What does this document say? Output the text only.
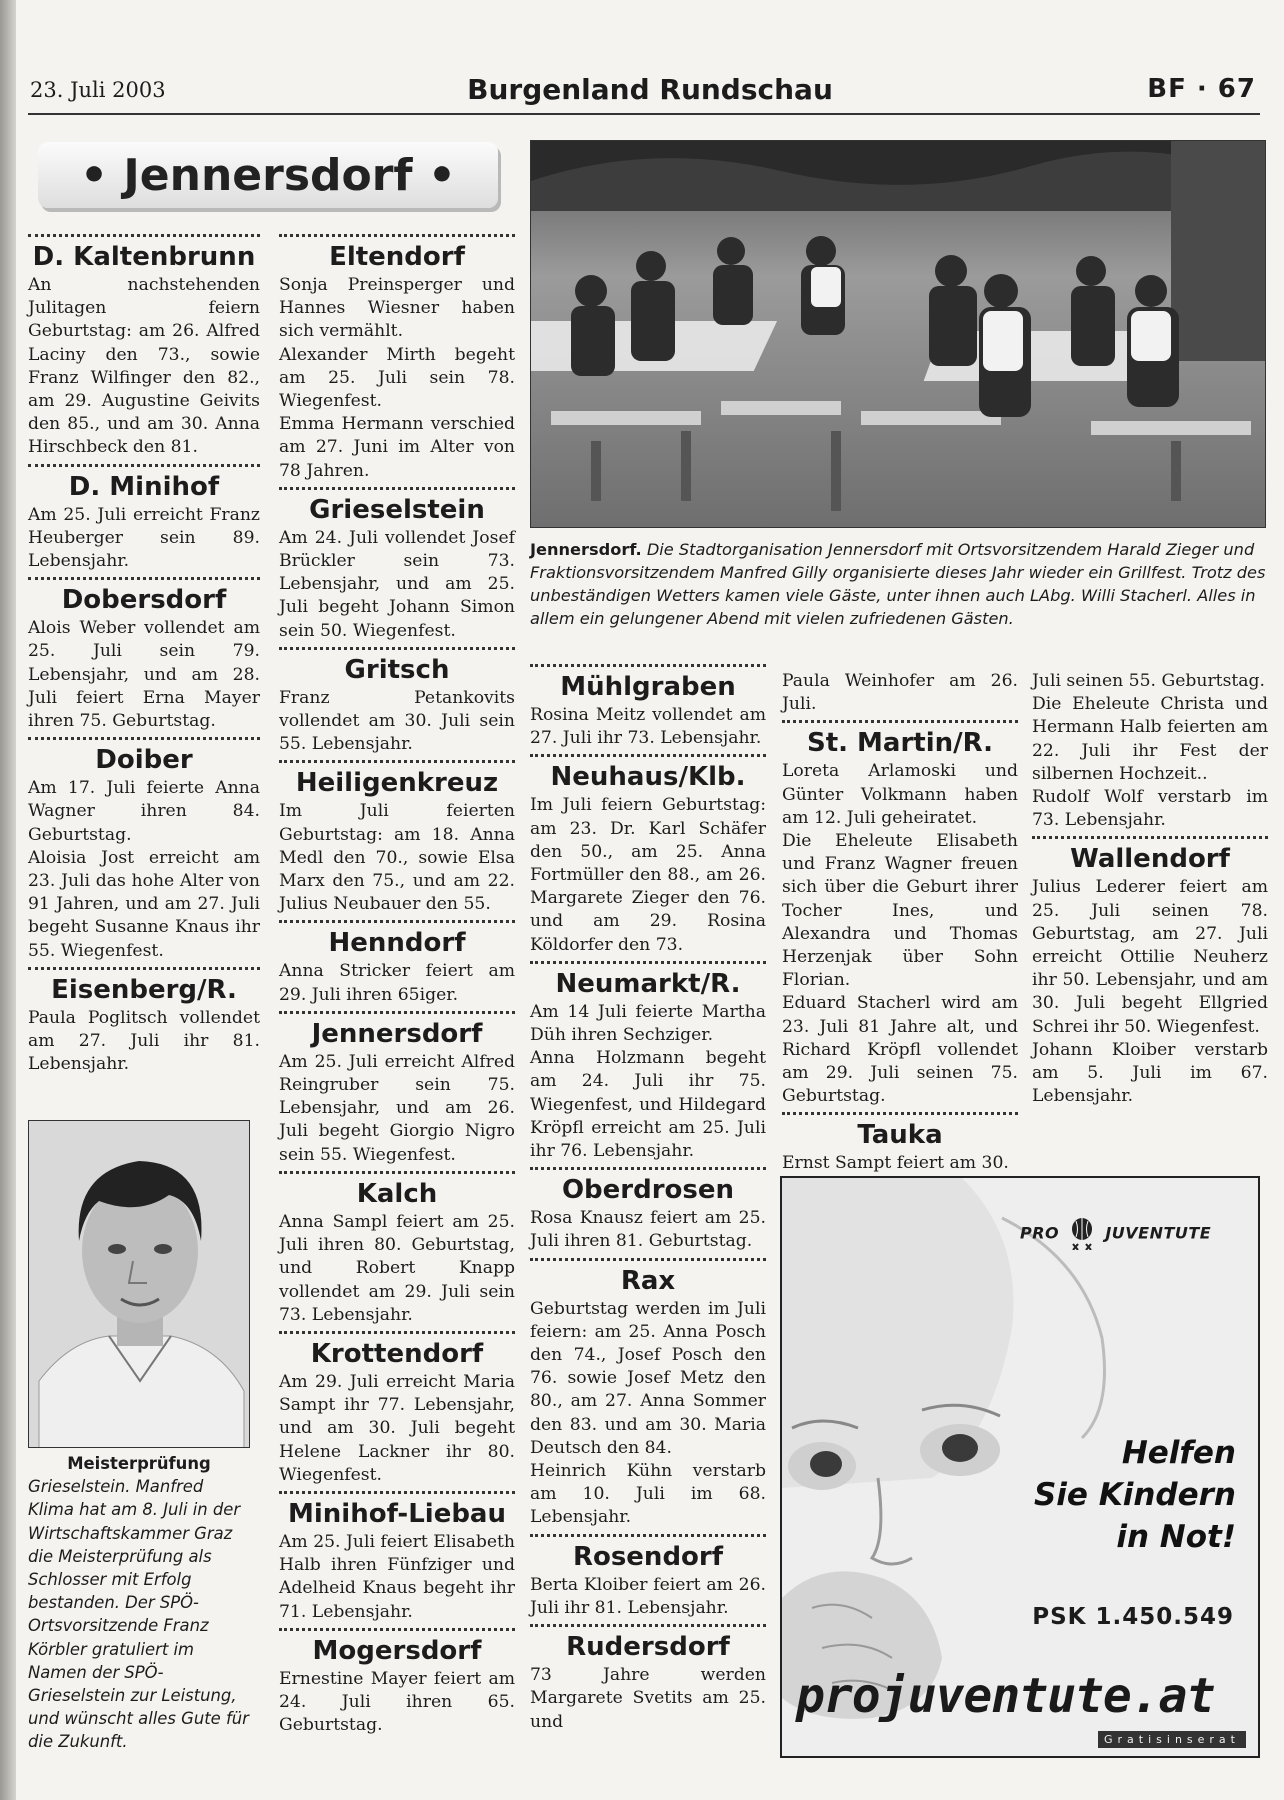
23. Juli 2003	Burgenland Rundschau	BF · 67
• Jennersdorf •
Jennersdorf. Die Stadtorganisation Jennersdorf mit Ortsvorsitzendem Harald Zieger und Fraktionsvorsitzendem Manfred Gilly organisierte dieses Jahr wieder ein Grillfest. Trotz des unbeständigen Wetters kamen viele Gäste, unter ihnen auch LAbg. Willi Stacherl. Alles in allem ein gelungener Abend mit vielen zufriedenen Gästen.
D. Kaltenbrunn
An nachstehenden Julitagen feiern Geburtstag: am 26. Alfred Laciny den 73., sowie Franz Wilfinger den 82., am 29. Augustine Geivits den 85., und am 30. Anna Hirschbeck den 81.
D. Minihof
Am 25. Juli erreicht Franz Heuberger sein 89. Lebensjahr.
Dobersdorf
Alois Weber vollendet am 25. Juli sein 79. Lebensjahr, und am 28. Juli feiert Erna Mayer ihren 75. Geburtstag.
Doiber
Am 17. Juli feierte Anna Wagner ihren 84. Geburtstag.
Aloisia Jost erreicht am 23. Juli das hohe Alter von 91 Jahren, und am 27. Juli begeht Susanne Knaus ihr 55. Wiegenfest.
Eisenberg/R.
Paula Poglitsch vollendet am 27. Juli ihr 81. Lebensjahr.
Meisterprüfung
Grieselstein. Manfred Klima hat am 8. Juli in der Wirtschaftskammer Graz die Meisterprüfung als Schlosser mit Erfolg bestanden. Der SPÖ-Ortsvorsitzende Franz Körbler gratuliert im Namen der SPÖ-Grieselstein zur Leistung, und wünscht alles Gute für die Zukunft.
Eltendorf
Sonja Preinsperger und Hannes Wiesner haben sich vermählt.
Alexander Mirth begeht am 25. Juli sein 78. Wiegenfest.
Emma Hermann verschied am 27. Juni im Alter von 78 Jahren.
Grieselstein
Am 24. Juli vollendet Josef Brückler sein 73. Lebensjahr, und am 25. Juli begeht Johann Simon sein 50. Wiegenfest.
Gritsch
Franz Petankovits vollendet am 30. Juli sein 55. Lebensjahr.
Heiligenkreuz
Im Juli feierten Geburtstag: am 18. Anna Medl den 70., sowie Elsa Marx den 75., und am 22. Julius Neubauer den 55.
Henndorf
Anna Stricker feiert am 29. Juli ihren 65iger.
Jennersdorf
Am 25. Juli erreicht Alfred Reingruber sein 75. Lebensjahr, und am 26. Juli begeht Giorgio Nigro sein 55. Wiegenfest.
Kalch
Anna Sampl feiert am 25. Juli ihren 80. Geburtstag, und Robert Knapp vollendet am 29. Juli sein 73. Lebensjahr.
Krottendorf
Am 29. Juli erreicht Maria Sampt ihr 77. Lebensjahr, und am 30. Juli begeht Helene Lackner ihr 80. Wiegenfest.
Minihof-Liebau
Am 25. Juli feiert Elisabeth Halb ihren Fünfziger und Adelheid Knaus begeht ihr 71. Lebensjahr.
Mogersdorf
Ernestine Mayer feiert am 24. Juli ihren 65. Geburtstag.
Mühlgraben
Rosina Meitz vollendet am 27. Juli ihr 73. Lebensjahr.
Neuhaus/Klb.
Im Juli feiern Geburtstag: am 23. Dr. Karl Schäfer den 50., am 25. Anna Fortmüller den 88., am 26. Margarete Zieger den 76. und am 29. Rosina Köldorfer den 73.
Neumarkt/R.
Am 14 Juli feierte Martha Düh ihren Sechziger.
Anna Holzmann begeht am 24. Juli ihr 75. Wiegenfest, und Hildegard Kröpfl erreicht am 25. Juli ihr 76. Lebensjahr.
Oberdrosen
Rosa Knausz feiert am 25. Juli ihren 81. Geburtstag.
Rax
Geburtstag werden im Juli feiern: am 25. Anna Posch den 74., Josef Posch den 76. sowie Josef Metz den 80., am 27. Anna Sommer den 83. und am 30. Maria Deutsch den 84.
Heinrich Kühn verstarb am 10. Juli im 68. Lebensjahr.
Rosendorf
Berta Kloiber feiert am 26. Juli ihr 81. Lebensjahr.
Rudersdorf
73 Jahre werden Margarete Svetits am 25. und
Paula Weinhofer am 26. Juli.
St. Martin/R.
Loreta Arlamoski und Günter Volkmann haben am 12. Juli geheiratet.
Die Eheleute Elisabeth und Franz Wagner freuen sich über die Geburt ihrer Tocher Ines, und Alexandra und Thomas Herzenjak über Sohn Florian.
Eduard Stacherl wird am 23. Juli 81 Jahre alt, und Richard Kröpfl vollendet am 29. Juli seinen 75. Geburtstag.
Tauka
Ernst Sampt feiert am 30.
Juli seinen 55. Geburtstag.
Die Eheleute Christa und Hermann Halb feierten am 22. Juli ihr Fest der silbernen Hochzeit..
Rudolf Wolf verstarb im 73. Lebensjahr.
Wallendorf
Julius Lederer feiert am 25. Juli seinen 78. Geburtstag, am 27. Juli erreicht Ottilie Neuherz ihr 50. Lebensjahr, und am 30. Juli begeht Ellgried Schrei ihr 50. Wiegenfest.
Johann Kloiber verstarb am 5. Juli im 67. Lebensjahr.
PRO	JUVENTUTE
Helfen
Sie Kindern
in Not!
PSK 1.450.549
projuventute.at
Gratisinserat
